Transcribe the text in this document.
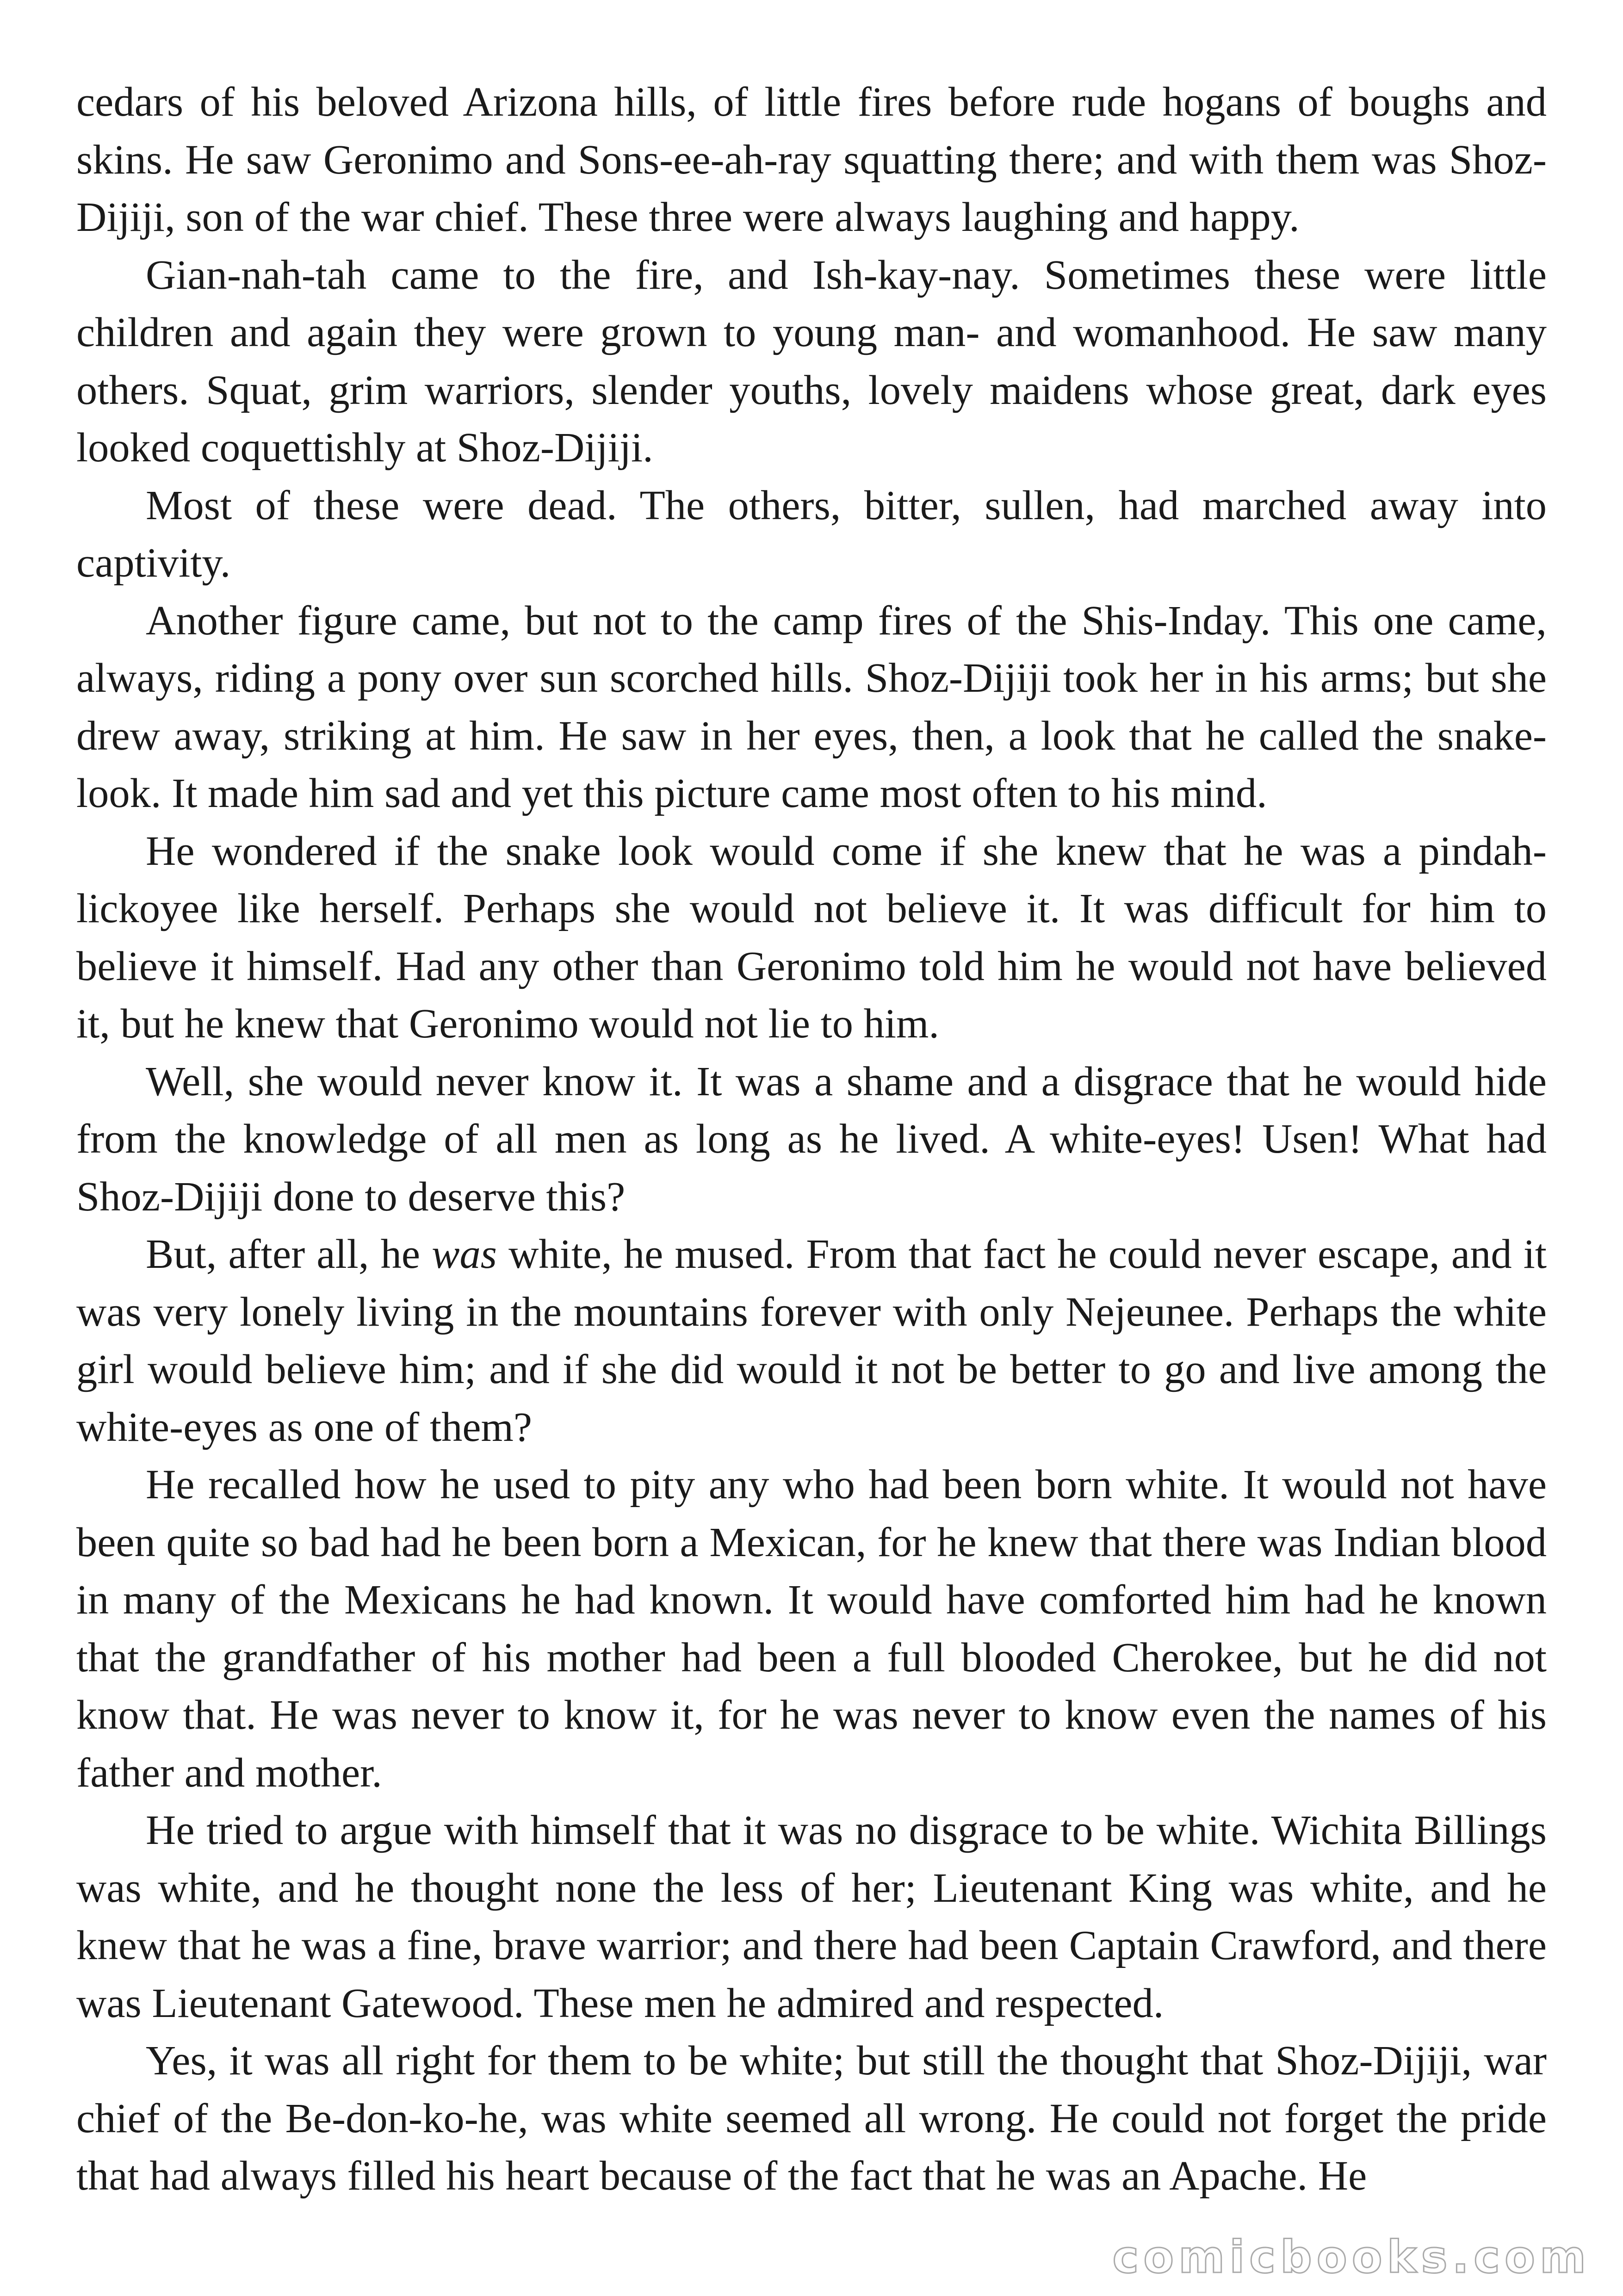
cedars of his beloved Arizona hills, of little fires before rude hogans of boughs and skins. He saw Geronimo and Sons-ee-ah-ray squatting there; and with them was Shoz-Dijiji, son of the war chief. These three were always laughing and happy.

Gian-nah-tah came to the fire, and Ish-kay-nay. Sometimes these were little children and again they were grown to young man- and womanhood. He saw many others. Squat, grim warriors, slender youths, lovely maidens whose great, dark eyes looked coquettishly at Shoz-Dijiji.

Most of these were dead. The others, bitter, sullen, had marched away into captivity.

Another figure came, but not to the camp fires of the Shis-Inday. This one came, always, riding a pony over sun scorched hills. Shoz-Dijiji took her in his arms; but she drew away, striking at him. He saw in her eyes, then, a look that he called the snake-look. It made him sad and yet this picture came most often to his mind.

He wondered if the snake look would come if she knew that he was a pindah-lickoyee like herself. Perhaps she would not believe it. It was difficult for him to believe it himself. Had any other than Geronimo told him he would not have believed it, but he knew that Geronimo would not lie to him.

Well, she would never know it. It was a shame and a disgrace that he would hide from the knowledge of all men as long as he lived. A white-eyes! Usen! What had Shoz-Dijiji done to deserve this?

But, after all, he was white, he mused. From that fact he could never escape, and it was very lonely living in the mountains forever with only Nejeunee. Perhaps the white girl would believe him; and if she did would it not be better to go and live among the white-eyes as one of them?

He recalled how he used to pity any who had been born white. It would not have been quite so bad had he been born a Mexican, for he knew that there was Indian blood in many of the Mexicans he had known. It would have comforted him had he known that the grandfather of his mother had been a full blooded Cherokee, but he did not know that. He was never to know it, for he was never to know even the names of his father and mother.

He tried to argue with himself that it was no disgrace to be white. Wichita Billings was white, and he thought none the less of her; Lieutenant King was white, and he knew that he was a fine, brave warrior; and there had been Captain Crawford, and there was Lieutenant Gatewood. These men he admired and respected.

Yes, it was all right for them to be white; but still the thought that Shoz-Dijiji, war chief of the Be-don-ko-he, was white seemed all wrong. He could not forget the pride that had always filled his heart because of the fact that he was an Apache. He

comicbooks.com
